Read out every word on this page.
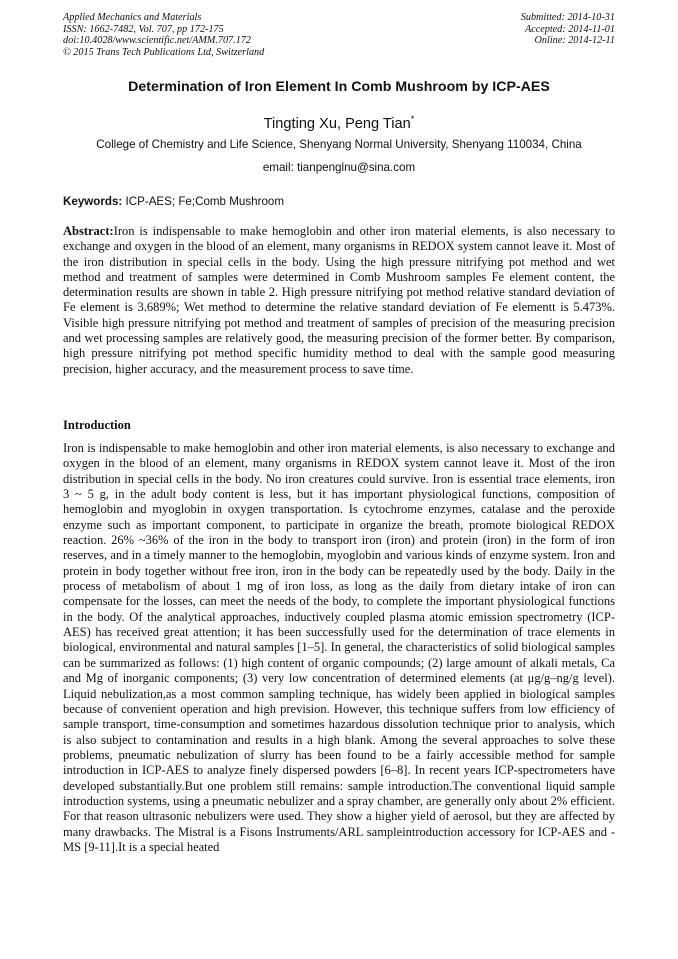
Applied Mechanics and Materials
ISSN: 1662-7482, Vol. 707, pp 172-175
doi:10.4028/www.scientific.net/AMM.707.172
© 2015 Trans Tech Publications Ltd, Switzerland
Submitted: 2014-10-31
Accepted: 2014-11-01
Online: 2014-12-11
Determination of Iron Element In Comb Mushroom by ICP-AES
Tingting Xu, Peng Tian*
College of Chemistry and Life Science, Shenyang Normal University, Shenyang 110034, China
email: tianpenglnu@sina.com
Keywords: ICP-AES; Fe;Comb Mushroom
Abstract:Iron is indispensable to make hemoglobin and other iron material elements, is also necessary to exchange and oxygen in the blood of an element, many organisms in REDOX system cannot leave it. Most of the iron distribution in special cells in the body. Using the high pressure nitrifying pot method and wet method and treatment of samples were determined in Comb Mushroom samples Fe element content, the determination results are shown in table 2. High pressure nitrifying pot method relative standard deviation of Fe element is 3.689%; Wet method to determine the relative standard deviation of Fe elementt is 5.473%. Visible high pressure nitrifying pot method and treatment of samples of precision of the measuring precision and wet processing samples are relatively good, the measuring precision of the former better. By comparison, high pressure nitrifying pot method specific humidity method to deal with the sample good measuring precision, higher accuracy, and the measurement process to save time.
Introduction
Iron is indispensable to make hemoglobin and other iron material elements, is also necessary to exchange and oxygen in the blood of an element, many organisms in REDOX system cannot leave it. Most of the iron distribution in special cells in the body. No iron creatures could survive. Iron is essential trace elements, iron 3 ~ 5 g, in the adult body content is less, but it has important physiological functions, composition of hemoglobin and myoglobin in oxygen transportation. Is cytochrome enzymes, catalase and the peroxide enzyme such as important component, to participate in organize the breath, promote biological REDOX reaction. 26% ~36% of the iron in the body to transport iron (iron) and protein (iron) in the form of iron reserves, and in a timely manner to the hemoglobin, myoglobin and various kinds of enzyme system. Iron and protein in body together without free iron, iron in the body can be repeatedly used by the body. Daily in the process of metabolism of about 1 mg of iron loss, as long as the daily from dietary intake of iron can compensate for the losses, can meet the needs of the body, to complete the important physiological functions in the body. Of the analytical approaches, inductively coupled plasma atomic emission spectrometry (ICP-AES) has received great attention; it has been successfully used for the determination of trace elements in biological, environmental and natural samples [1–5]. In general, the characteristics of solid biological samples can be summarized as follows: (1) high content of organic compounds; (2) large amount of alkali metals, Ca and Mg of inorganic components; (3) very low concentration of determined elements (at μg/g–ng/g level). Liquid nebulization,as a most common sampling technique, has widely been applied in biological samples because of convenient operation and high prevision. However, this technique suffers from low efficiency of sample transport, time-consumption and sometimes hazardous dissolution technique prior to analysis, which is also subject to contamination and results in a high blank. Among the several approaches to solve these problems, pneumatic nebulization of slurry has been found to be a fairly accessible method for sample introduction in ICP-AES to analyze finely dispersed powders [6–8]. In recent years ICP-spectrometers have developed substantially.But one problem still remains: sample introduction.The conventional liquid sample introduction systems, using a pneumatic nebulizer and a spray chamber, are generally only about 2% efficient. For that reason ultrasonic nebulizers were used. They show a higher yield of aerosol, but they are affected by many drawbacks. The Mistral is a Fisons Instruments/ARL sampleintroduction accessory for ICP-AES and - MS [9-11].It is a special heated
